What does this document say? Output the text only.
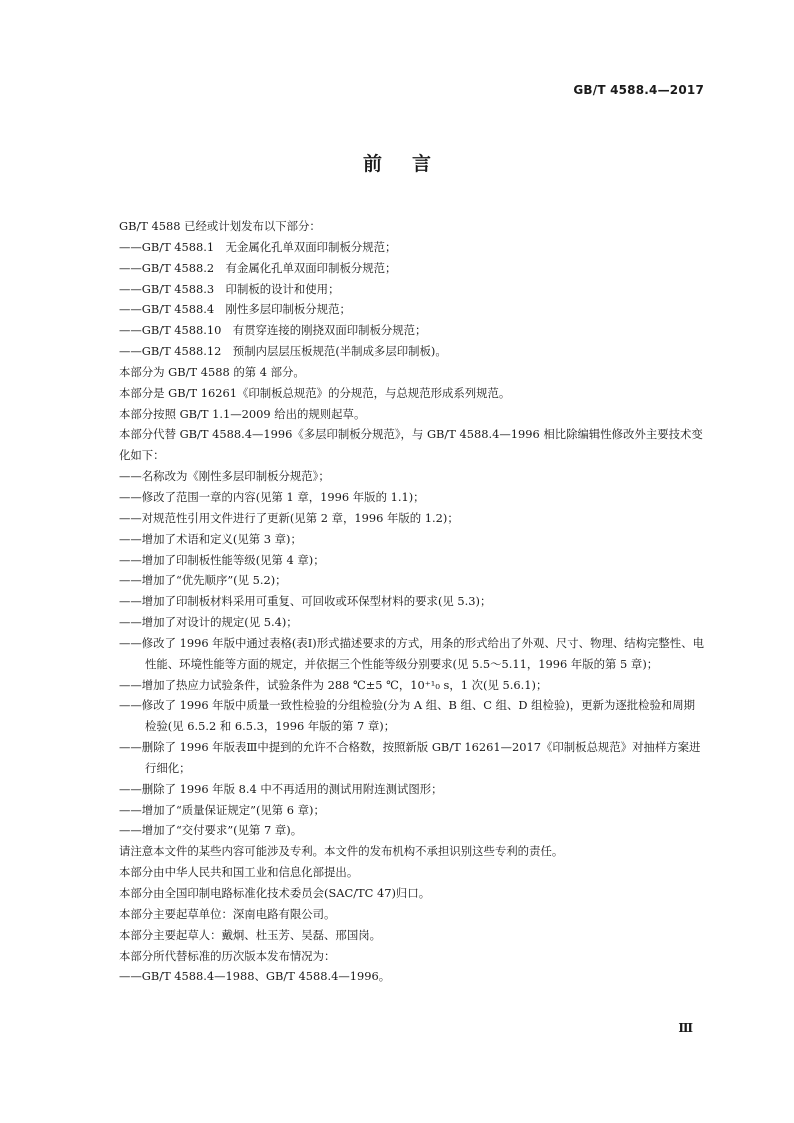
GB/T 4588.4—2017
前言
GB/T 4588 已经或计划发布以下部分：
——GB/T 4588.1　无金属化孔单双面印制板分规范；
——GB/T 4588.2　有金属化孔单双面印制板分规范；
——GB/T 4588.3　印制板的设计和使用；
——GB/T 4588.4　刚性多层印制板分规范；
——GB/T 4588.10　有贯穿连接的刚挠双面印制板分规范；
——GB/T 4588.12　预制内层层压板规范(半制成多层印制板)。
本部分为 GB/T 4588 的第 4 部分。
本部分是 GB/T 16261《印制板总规范》的分规范，与总规范形成系列规范。
本部分按照 GB/T 1.1—2009 给出的规则起草。
本部分代替 GB/T 4588.4—1996《多层印制板分规范》，与 GB/T 4588.4—1996 相比除编辑性修改外主要技术变化如下：
——名称改为《刚性多层印制板分规范》；
——修改了范围一章的内容(见第 1 章，1996 年版的 1.1)；
——对规范性引用文件进行了更新(见第 2 章，1996 年版的 1.2)；
——增加了术语和定义(见第 3 章)；
——增加了印制板性能等级(见第 4 章)；
——增加了“优先顺序”(见 5.2)；
——增加了印制板材料采用可重复、可回收或环保型材料的要求(见 5.3)；
——增加了对设计的规定(见 5.4)；
——修改了 1996 年版中通过表格(表Ⅰ)形式描述要求的方式，用条的形式给出了外观、尺寸、物理、结构完整性、电性能、环境性能等方面的规定，并依据三个性能等级分别要求(见 5.5～5.11，1996 年版的第 5 章)；
——增加了热应力试验条件，试验条件为 288 ℃±5 ℃，10⁺¹₀ s，1 次(见 5.6.1)；
——修改了 1996 年版中质量一致性检验的分组检验(分为 A 组、B 组、C 组、D 组检验)，更新为逐批检验和周期检验(见 6.5.2 和 6.5.3，1996 年版的第 7 章)；
——删除了 1996 年版表Ⅲ中提到的允许不合格数，按照新版 GB/T 16261—2017《印制板总规范》对抽样方案进行细化；
——删除了 1996 年版 8.4 中不再适用的测试用附连测试图形；
——增加了“质量保证规定”(见第 6 章)；
——增加了“交付要求”(见第 7 章)。
请注意本文件的某些内容可能涉及专利。本文件的发布机构不承担识别这些专利的责任。
本部分由中华人民共和国工业和信息化部提出。
本部分由全国印制电路标准化技术委员会(SAC/TC 47)归口。
本部分主要起草单位：深南电路有限公司。
本部分主要起草人：戴炯、杜玉芳、吴磊、邢国岗。
本部分所代替标准的历次版本发布情况为：
——GB/T 4588.4—1988、GB/T 4588.4—1996。
Ⅲ
